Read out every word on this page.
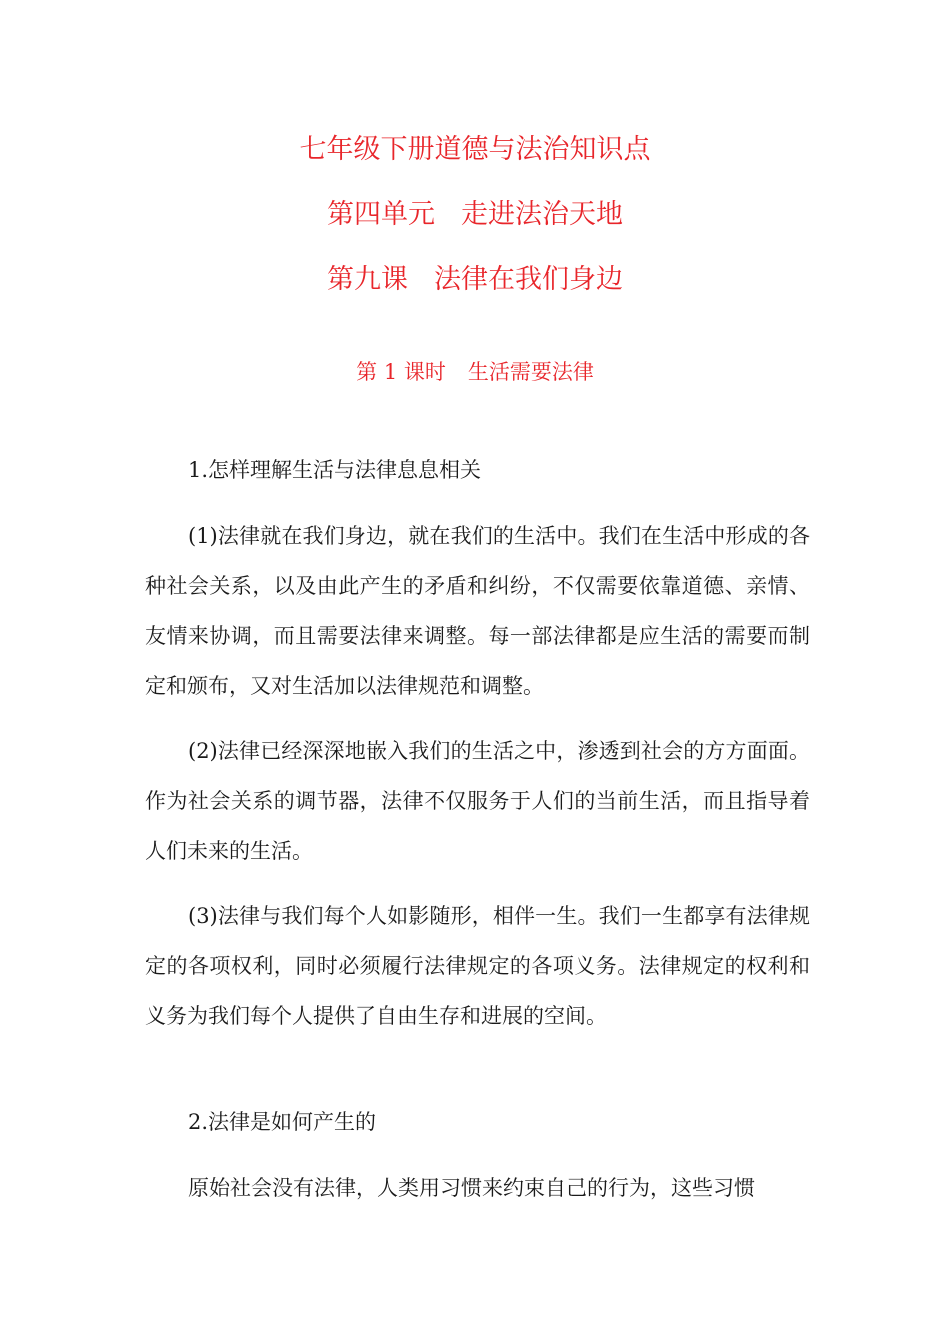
七年级下册道德与法治知识点
第四单元 走进法治天地
第九课 法律在我们身边
第 1 课时 生活需要法律
1.怎样理解生活与法律息息相关

(1)法律就在我们身边，就在我们的生活中。我们在生活中形成的各种社会关系，以及由此产生的矛盾和纠纷，不仅需要依靠道德、亲情、友情来协调，而且需要法律来调整。每一部法律都是应生活的需要而制定和颁布，又对生活加以法律规范和调整。

(2)法律已经深深地嵌入我们的生活之中，渗透到社会的方方面面。作为社会关系的调节器，法律不仅服务于人们的当前生活，而且指导着人们未来的生活。

(3)法律与我们每个人如影随形，相伴一生。我们一生都享有法律规定的各项权利，同时必须履行法律规定的各项义务。法律规定的权利和义务为我们每个人提供了自由生存和进展的空间。

2.法律是如何产生的

原始社会没有法律，人类用习惯来约束自己的行为，这些习惯
